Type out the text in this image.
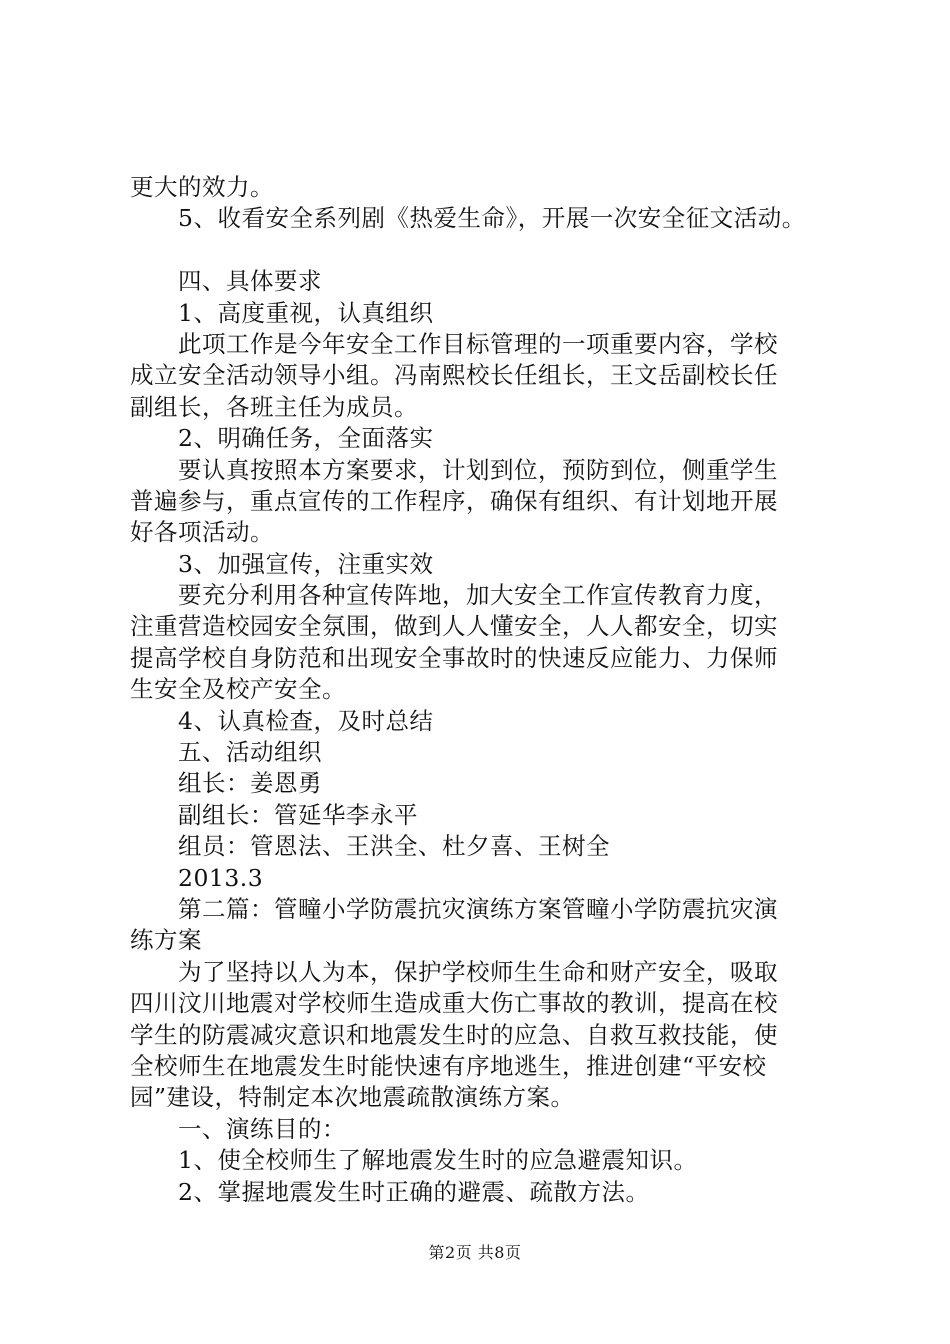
更大的效力。
5、收看安全系列剧《热爱生命》，开展一次安全征文活动。
四、具体要求
1、高度重视，认真组织
此项工作是今年安全工作目标管理的一项重要内容，学校
成立安全活动领导小组。冯南熙校长任组长，王文岳副校长任
副组长，各班主任为成员。
2、明确任务，全面落实
要认真按照本方案要求，计划到位，预防到位，侧重学生
普遍参与，重点宣传的工作程序，确保有组织、有计划地开展
好各项活动。
3、加强宣传，注重实效
要充分利用各种宣传阵地，加大安全工作宣传教育力度，
注重营造校园安全氛围，做到人人懂安全，人人都安全，切实
提高学校自身防范和出现安全事故时的快速反应能力、力保师
生安全及校产安全。
4、认真检查，及时总结
五、活动组织
组长：姜恩勇
副组长：管延华李永平
组员：管恩法、王洪全、杜夕喜、王树全
2013.3
第二篇：管疃小学防震抗灾演练方案管疃小学防震抗灾演
练方案
为了坚持以人为本，保护学校师生生命和财产安全，吸取
四川汶川地震对学校师生造成重大伤亡事故的教训，提高在校
学生的防震减灾意识和地震发生时的应急、自救互救技能，使
全校师生在地震发生时能快速有序地逃生，推进创建“平安校
园”建设，特制定本次地震疏散演练方案。
一、演练目的：
1、使全校师生了解地震发生时的应急避震知识。
2、掌握地震发生时正确的避震、疏散方法。
第2页 共8页
